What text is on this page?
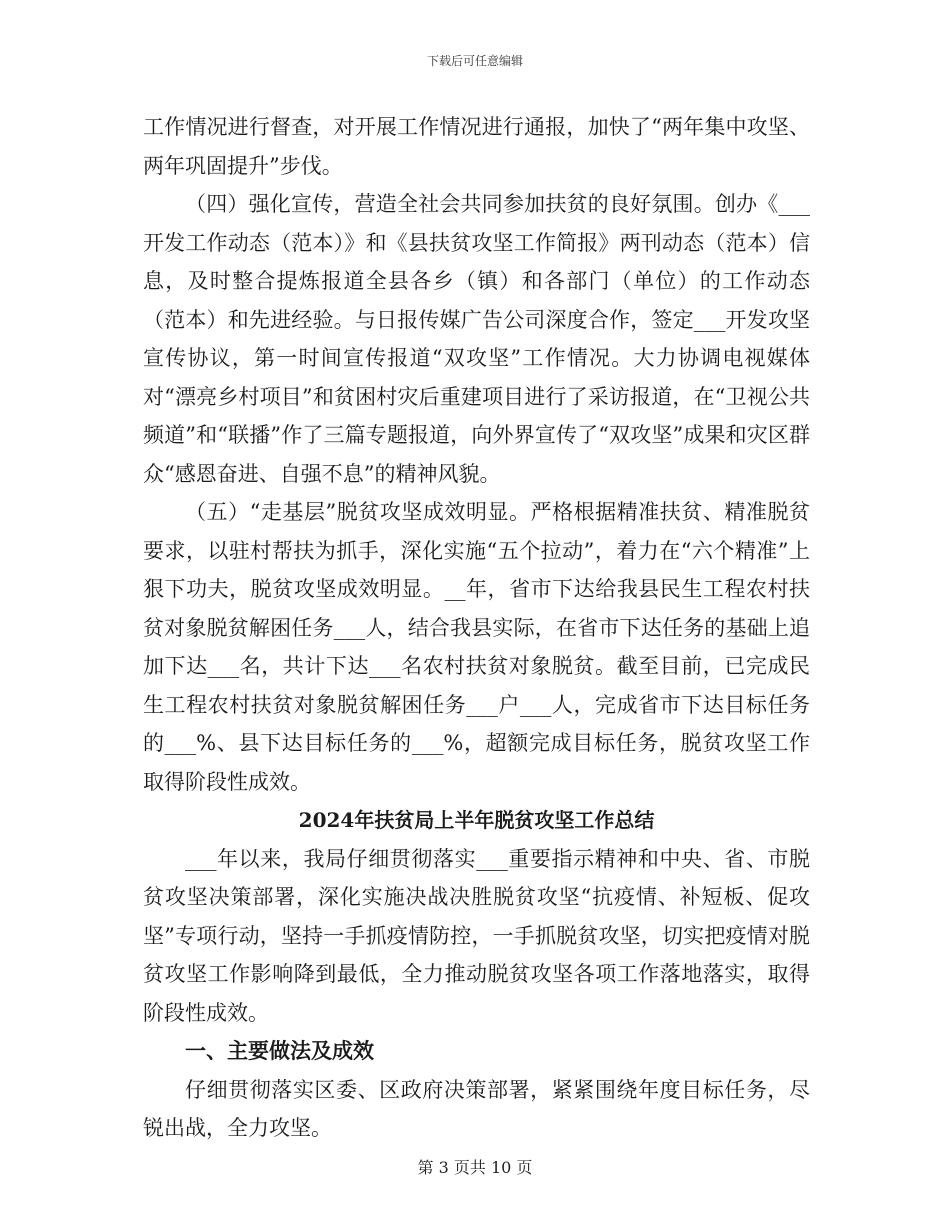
下载后可任意编辑

工作情况进行督查，对开展工作情况进行通报，加快了“两年集中攻坚、两年巩固提升”步伐。

（四）强化宣传，营造全社会共同参加扶贫的良好氛围。创办《___开发工作动态（范本）》和《县扶贫攻坚工作简报》两刊动态（范本）信息，及时整合提炼报道全县各乡（镇）和各部门（单位）的工作动态（范本）和先进经验。与日报传媒广告公司深度合作，签定___开发攻坚宣传协议，第一时间宣传报道“双攻坚”工作情况。大力协调电视媒体对“漂亮乡村项目”和贫困村灾后重建项目进行了采访报道，在“卫视公共频道”和“联播”作了三篇专题报道，向外界宣传了“双攻坚”成果和灾区群众“感恩奋进、自强不息”的精神风貌。

（五）“走基层”脱贫攻坚成效明显。严格根据精准扶贫、精准脱贫要求，以驻村帮扶为抓手，深化实施“五个拉动”，着力在“六个精准”上狠下功夫，脱贫攻坚成效明显。__年，省市下达给我县民生工程农村扶贫对象脱贫解困任务___人，结合我县实际，在省市下达任务的基础上追加下达___名，共计下达___名农村扶贫对象脱贫。截至目前，已完成民生工程农村扶贫对象脱贫解困任务___户___人，完成省市下达目标任务的___%、县下达目标任务的___%，超额完成目标任务，脱贫攻坚工作取得阶段性成效。

2024年扶贫局上半年脱贫攻坚工作总结

___年以来，我局仔细贯彻落实___重要指示精神和中央、省、市脱贫攻坚决策部署，深化实施决战决胜脱贫攻坚“抗疫情、补短板、促攻坚”专项行动，坚持一手抓疫情防控，一手抓脱贫攻坚，切实把疫情对脱贫攻坚工作影响降到最低，全力推动脱贫攻坚各项工作落地落实，取得阶段性成效。

一、主要做法及成效

仔细贯彻落实区委、区政府决策部署，紧紧围绕年度目标任务，尽锐出战，全力攻坚。

第 3 页共 10 页
